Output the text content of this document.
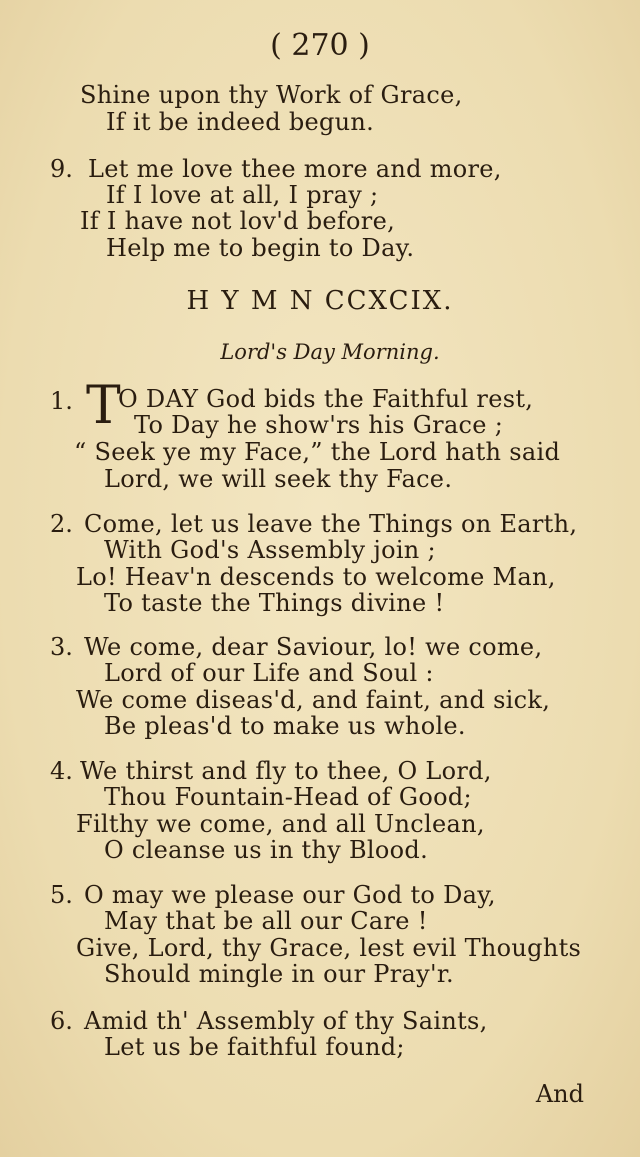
( 270 )
Shine upon thy Work of Grace,
If it be indeed begun.
9. Let me love thee more and more,
If I love at all, I pray ;
If I have not lov'd before,
Help me to begin to Day.
H Y M N CCXCIX.
Lord's Day Morning.
1. T
O DAY God bids the Faithful rest,
To Day he show'rs his Grace ;
“ Seek ye my Face,” the Lord hath said
Lord, we will seek thy Face.
2. Come, let us leave the Things on Earth,
With God's Assembly join ;
Lo! Heav'n descends to welcome Man,
To taste the Things divine !
3. We come, dear Saviour, lo! we come,
Lord of our Life and Soul :
We come diseas'd, and faint, and sick,
Be pleas'd to make us whole.
4. We thirst and fly to thee, O Lord,
Thou Fountain-Head of Good;
Filthy we come, and all Unclean,
O cleanse us in thy Blood.
5. O may we please our God to Day,
May that be all our Care !
Give, Lord, thy Grace, lest evil Thoughts
Should mingle in our Pray'r.
6. Amid th' Assembly of thy Saints,
Let us be faithful found;
And
